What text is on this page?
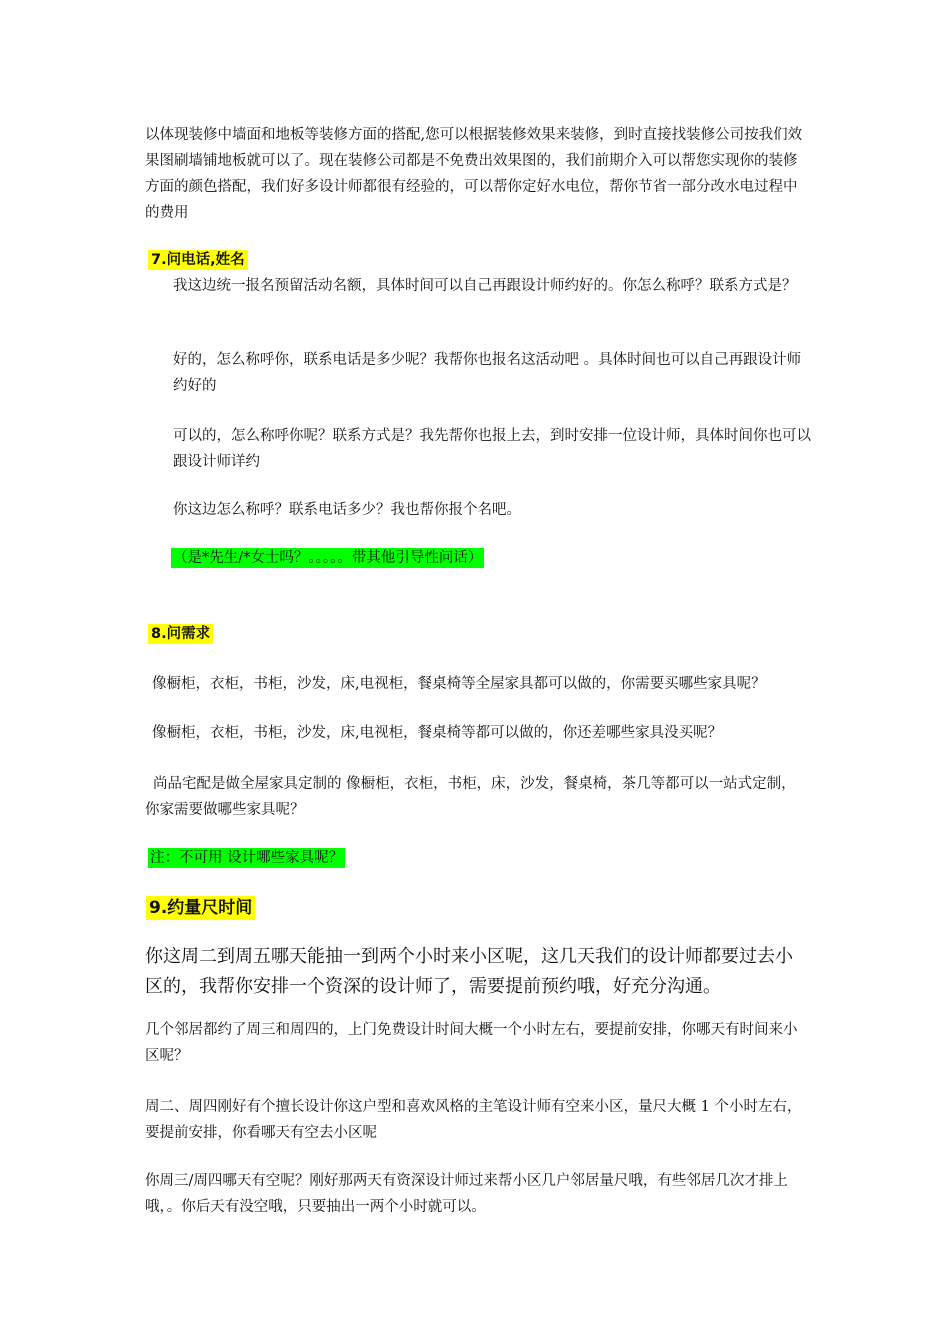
以体现装修中墙面和地板等装修方面的搭配,您可以根据装修效果来装修，到时直接找装修公司按我们效果图刷墙铺地板就可以了。现在装修公司都是不免费出效果图的，我们前期介入可以帮您实现你的装修方面的颜色搭配，我们好多设计师都很有经验的，可以帮你定好水电位，帮你节省一部分改水电过程中的费用

7.问电话,姓名

我这边统一报名预留活动名额，具体时间可以自己再跟设计师约好的。你怎么称呼？联系方式是？

好的，怎么称呼你，联系电话是多少呢？我帮你也报名这活动吧 。具体时间也可以自己再跟设计师约好的

可以的，怎么称呼你呢？联系方式是？我先帮你也报上去，到时安排一位设计师，具体时间你也可以跟设计师详约

你这边怎么称呼？联系电话多少？我也帮你报个名吧。

（是*先生/*女士吗？。。。。。带其他引导性问话）
8.问需求

像橱柜，衣柜，书柜，沙发，床,电视柜，餐桌椅等全屋家具都可以做的，你需要买哪些家具呢？

像橱柜，衣柜，书柜，沙发，床,电视柜，餐桌椅等都可以做的，你还差哪些家具没买呢？

尚品宅配是做全屋家具定制的 像橱柜，衣柜，书柜，床，沙发，餐桌椅，茶几等都可以一站式定制，你家需要做哪些家具呢？

注：不可用 设计哪些家具呢？
9.约量尺时间

你这周二到周五哪天能抽一到两个小时来小区呢，这几天我们的设计师都要过去小区的，我帮你安排一个资深的设计师了，需要提前预约哦，好充分沟通。

几个邻居都约了周三和周四的，上门免费设计时间大概一个小时左右，要提前安排，你哪天有时间来小区呢？

周二、周四刚好有个擅长设计你这户型和喜欢风格的主笔设计师有空来小区，量尺大概 1 个小时左右，要提前安排，你看哪天有空去小区呢

你周三/周四哪天有空呢？刚好那两天有资深设计师过来帮小区几户邻居量尺哦，有些邻居几次才排上哦，。你后天有没空哦，只要抽出一两个小时就可以。
